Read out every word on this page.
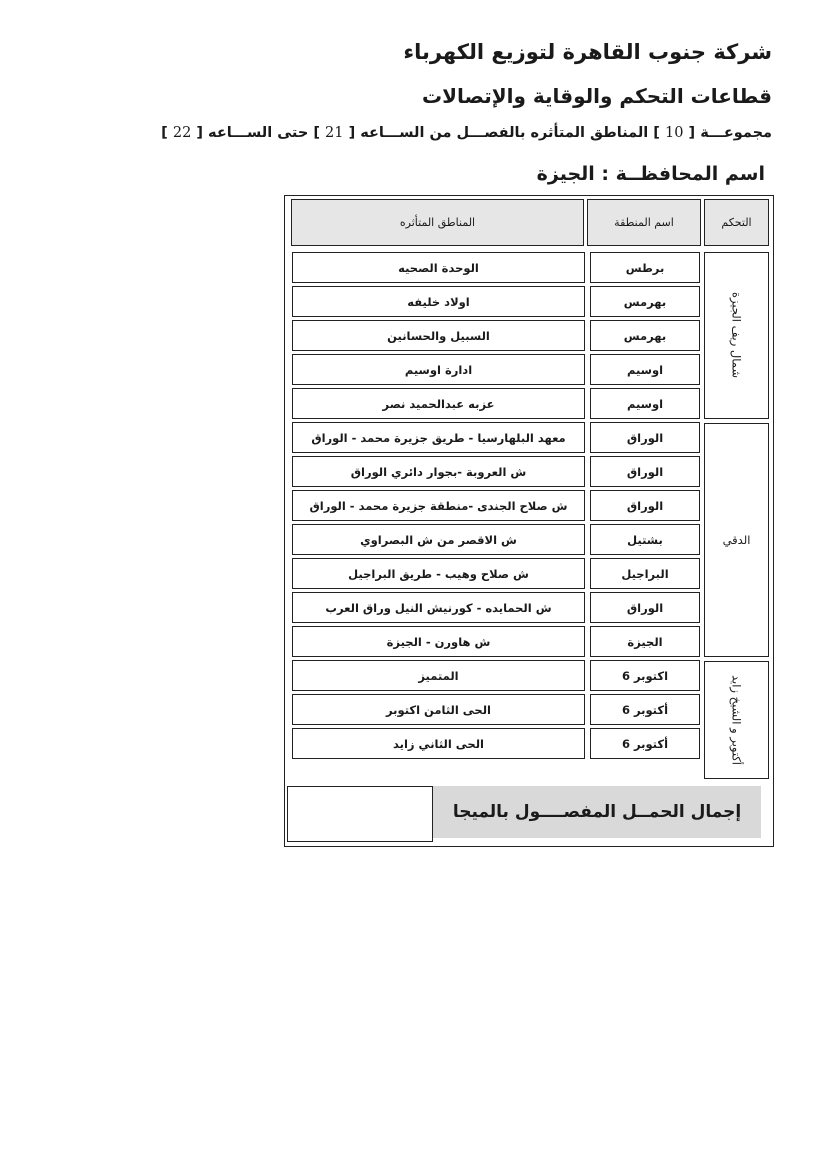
شركة جنوب القاهرة لتوزيع الكهرباء
قطاعات التحكم والوقاية والإتصالات
مجموعـــة [ 10 ] المناطق المتأثره بالفصـــل من الســـاعه [ 21 ] حتى الســـاعه [ 22 ]
اسم المحافظــة : الجيزة
التحكم
اسم المنطقة
المناطق المتأثره
برطس
الوحدة الصحيه
بهرمس
اولاد خليفه
بهرمس
السبيل والحسانين
اوسيم
ادارة اوسيم
اوسيم
عزبه عبدالحميد نصر
الوراق
معهد البلهارسيا - طريق جزيرة محمد - الوراق
الوراق
ش العروبة -بجوار دائري الوراق
الوراق
ش صلاح الجندى -منطقة جزيرة محمد - الوراق
بشتيل
ش الاقصر من ش البصراوي
البراجيل
ش صلاح وهيب - طريق البراجيل
الوراق
ش الحمايده - كورنيش النيل وراق العرب
الجيزة
ش هاورن - الجيزة
اكتوبر 6
المتميز
أكتوبر 6
الحى الثامن اكتوبر
أكتوبر 6
الحى الثاني زايد
شمال ريف الجيزة
الدقي
أكتوبر و الشيخ زايد
إجمال الحمــل المفصــــول بالميجا
